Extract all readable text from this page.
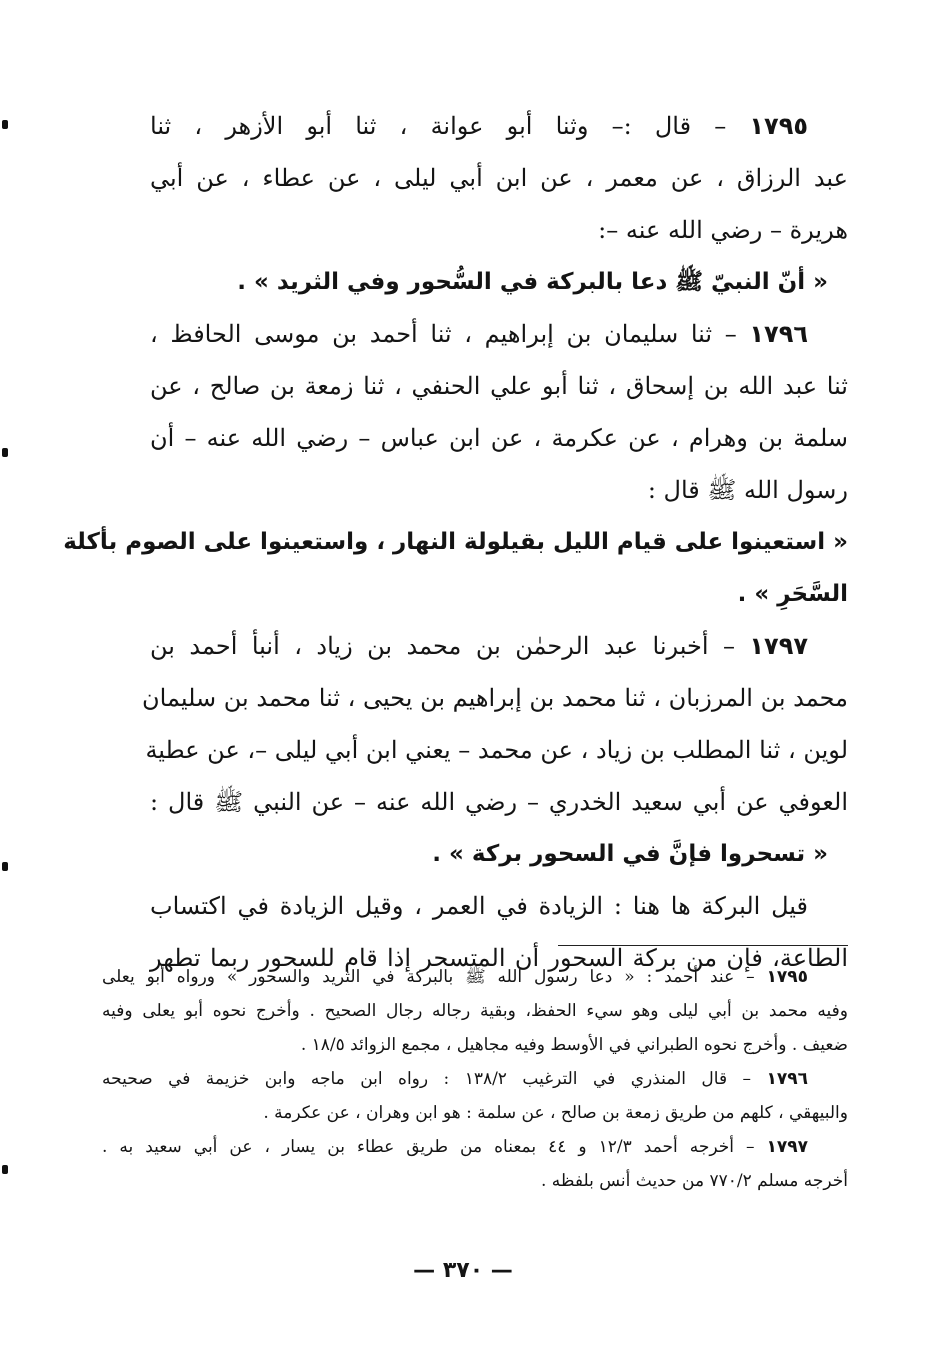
١٧٩٥ – قال :– وثنا أبو عوانة ، ثنا أبو الأزهر ، ثنا
عبد الرزاق ، عن معمر ، عن ابن أبي ليلى ، عن عطاء ، عن أبي
هريرة – رضي الله عنه –:
« أنّ النبيّ ﷺ دعا بالبركة في السُّحور وفي الثريد » .
١٧٩٦ – ثنا سليمان بن إبراهيم ، ثنا أحمد بن موسى الحافظ ،
ثنا عبد الله بن إسحاق ، ثنا أبو علي الحنفي ، ثنا زمعة بن صالح ، عن
سلمة بن وهرام ، عن عكرمة ، عن ابن عباس – رضي الله عنه – أن
رسول الله ﷺ قال :
« استعينوا على قيام الليل بقيلولة النهار ، واستعينوا على الصوم بأكلة
السَّحَرِ » .
١٧٩٧ – أخبرنا عبد الرحمٰن بن محمد بن زياد ، أنبأ أحمد بن
محمد بن المرزبان ، ثنا محمد بن إبراهيم بن يحيى ، ثنا محمد بن سليمان
لوين ، ثنا المطلب بن زياد ، عن محمد – يعني ابن أبي ليلى –، عن عطية
العوفي عن أبي سعيد الخدري – رضي الله عنه – عن النبي ﷺ قال :
« تسحروا فإنَّ في السحور بركة » .
قيل البركة ها هنا : الزيادة في العمر ، وقيل الزيادة في اكتساب
الطاعة، فإن من بركة السحور أن المتسحر إذا قام للسحور ربما تطهر
١٧٩٥ – عند أحمد : « دعا رسول الله ﷺ بالبركة في الثريد والسحور » ورواه أبو يعلى
وفيه محمد بن أبي ليلى وهو سيء الحفظ، وبقية رجاله رجال الصحيح . وأخرج نحوه أبو يعلى وفيه
ضعيف . وأخرج نحوه الطبراني في الأوسط وفيه مجاهيل ، مجمع الزوائد ١٨/٥ .
١٧٩٦ – قال المنذري في الترغيب ١٣٨/٢ : رواه ابن ماجه وابن خزيمة في صحيحه
والبيهقي ، كلهم من طريق زمعة بن صالح ، عن سلمة : هو ابن وهران ، عن عكرمة .
١٧٩٧ – أخرجه أحمد ١٢/٣ و ٤٤ بمعناه من طريق عطاء بن يسار ، عن أبي سعيد به .
أخرجه مسلم ٧٧٠/٢ من حديث أنس بلفظه .
— ٣٧٠ —
